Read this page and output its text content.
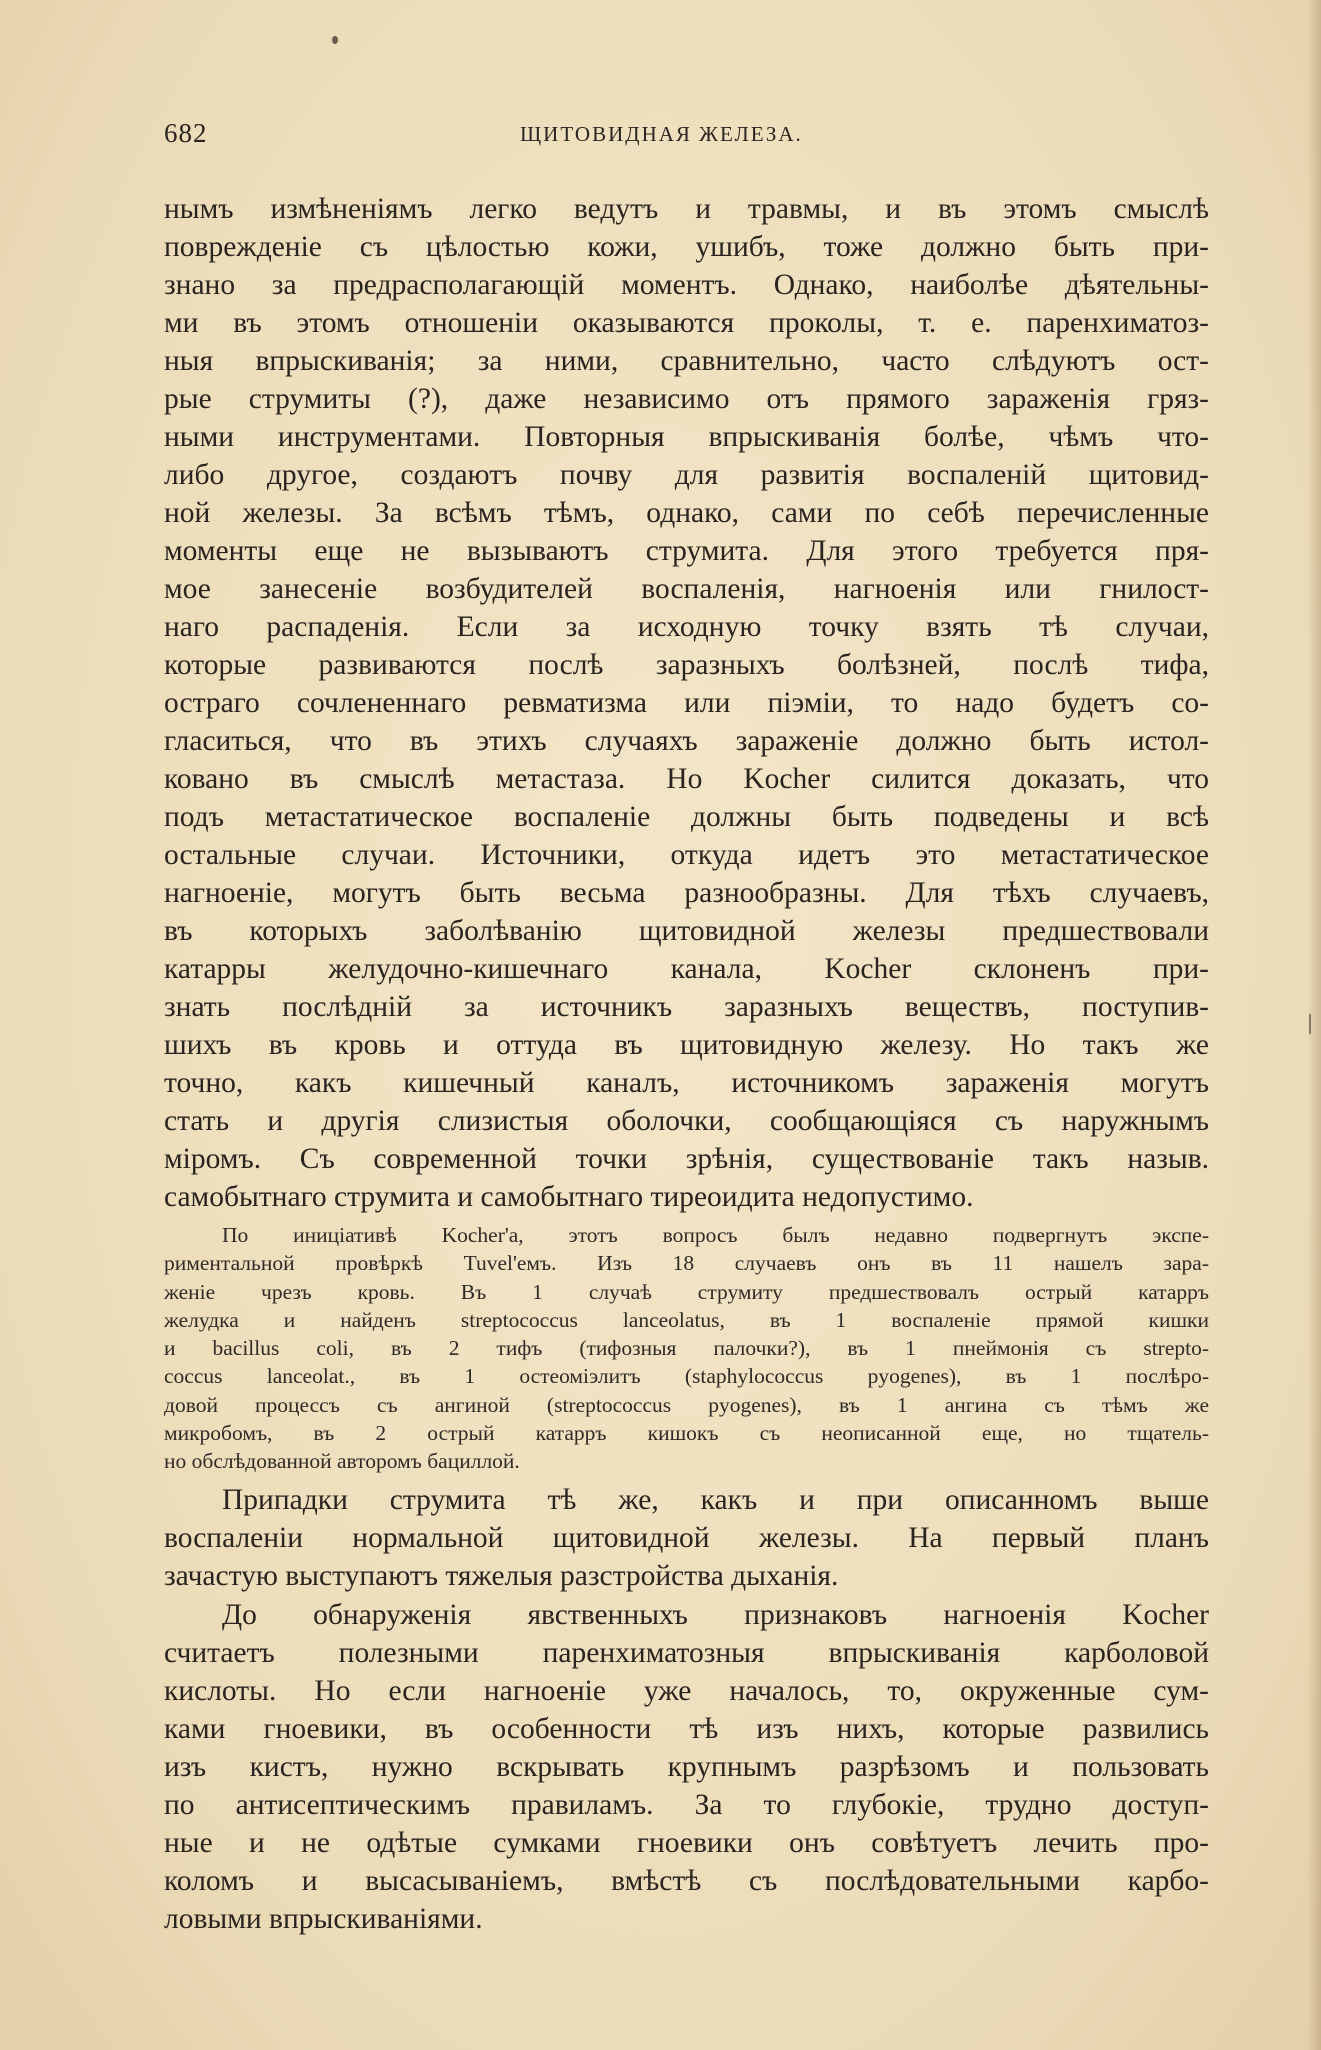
682	ЩИТОВИДНАЯ ЖЕЛЕЗА.
нымъ измѣненіямъ легко ведутъ и травмы, и въ этомъ смыслѣ
поврежденіе съ цѣлостью кожи, ушибъ, тоже должно быть при-
знано за предрасполагающій моментъ. Однако, наиболѣе дѣятельны-
ми въ этомъ отношеніи оказываются проколы, т. е. паренхиматоз-
ныя впрыскиванія; за ними, сравнительно, часто слѣдуютъ ост-
рые струмиты (?), даже независимо отъ прямого зараженія гряз-
ными инструментами. Повторныя впрыскиванія болѣе, чѣмъ что-
либо другое, создаютъ почву для развитія воспаленій щитовид-
ной железы. За всѣмъ тѣмъ, однако, сами по себѣ перечисленные
моменты еще не вызываютъ струмита. Для этого требуется пря-
мое занесеніе возбудителей воспаленія, нагноенія или гнилост-
наго распаденія. Если за исходную точку взять тѣ случаи,
которые развиваются послѣ заразныхъ болѣзней, послѣ тифа,
остраго сочлененнаго ревматизма или піэміи, то надо будетъ со-
гласиться, что въ этихъ случаяхъ зараженіе должно быть истол-
ковано въ смыслѣ метастаза. Но Kocher силится доказать, что
подъ метастатическое воспаленіе должны быть подведены и всѣ
остальные случаи. Источники, откуда идетъ это метастатическое
нагноеніе, могутъ быть весьма разнообразны. Для тѣхъ случаевъ,
въ которыхъ заболѣванію щитовидной железы предшествовали
катарры желудочно-кишечнаго канала, Kocher склоненъ при-
знать послѣдній за источникъ заразныхъ веществъ, поступив-
шихъ въ кровь и оттуда въ щитовидную железу. Но такъ же
точно, какъ кишечный каналъ, источникомъ зараженія могутъ
стать и другія слизистыя оболочки, сообщающіяся съ наружнымъ
міромъ. Съ современной точки зрѣнія, существованіе такъ назыв.
самобытнаго струмита и самобытнаго тиреоидита недопустимо.
По иниціативѣ Kocher'a, этотъ вопросъ былъ недавно подвергнутъ экспе-
риментальной провѣркѣ Tuvel'емъ. Изъ 18 случаевъ онъ въ 11 нашелъ зара-
женіе чрезъ кровь. Въ 1 случаѣ струмиту предшествовалъ острый катарръ
желудка и найденъ streptococcus lanceolatus, въ 1 воспаленіе прямой кишки
и bacillus coli, въ 2 тифъ (тифозныя палочки?), въ 1 пнеймонія съ strepto-
coccus lanceolat., въ 1 остеоміэлитъ (staphylococcus pyogenes), въ 1 послѣро-
довой процессъ съ ангиной (streptococcus pyogenes), въ 1 ангина съ тѣмъ же
микробомъ, въ 2 острый катарръ кишокъ съ неописанной еще, но тщатель-
но обслѣдованной авторомъ бациллой.
Припадки струмита тѣ же, какъ и при описанномъ выше
воспаленіи нормальной щитовидной железы. На первый планъ
зачастую выступаютъ тяжелыя разстройства дыханія.
До обнаруженія явственныхъ признаковъ нагноенія Kocher
считаетъ полезными паренхиматозныя впрыскиванія карболовой
кислоты. Но если нагноеніе уже началось, то, окруженные сум-
ками гноевики, въ особенности тѣ изъ нихъ, которые развились
изъ кистъ, нужно вскрывать крупнымъ разрѣзомъ и пользовать
по антисептическимъ правиламъ. За то глубокіе, трудно доступ-
ные и не одѣтые сумками гноевики онъ совѣтуетъ лечить про-
коломъ и высасываніемъ, вмѣстѣ съ послѣдовательными карбо-
ловыми впрыскиваніями.
